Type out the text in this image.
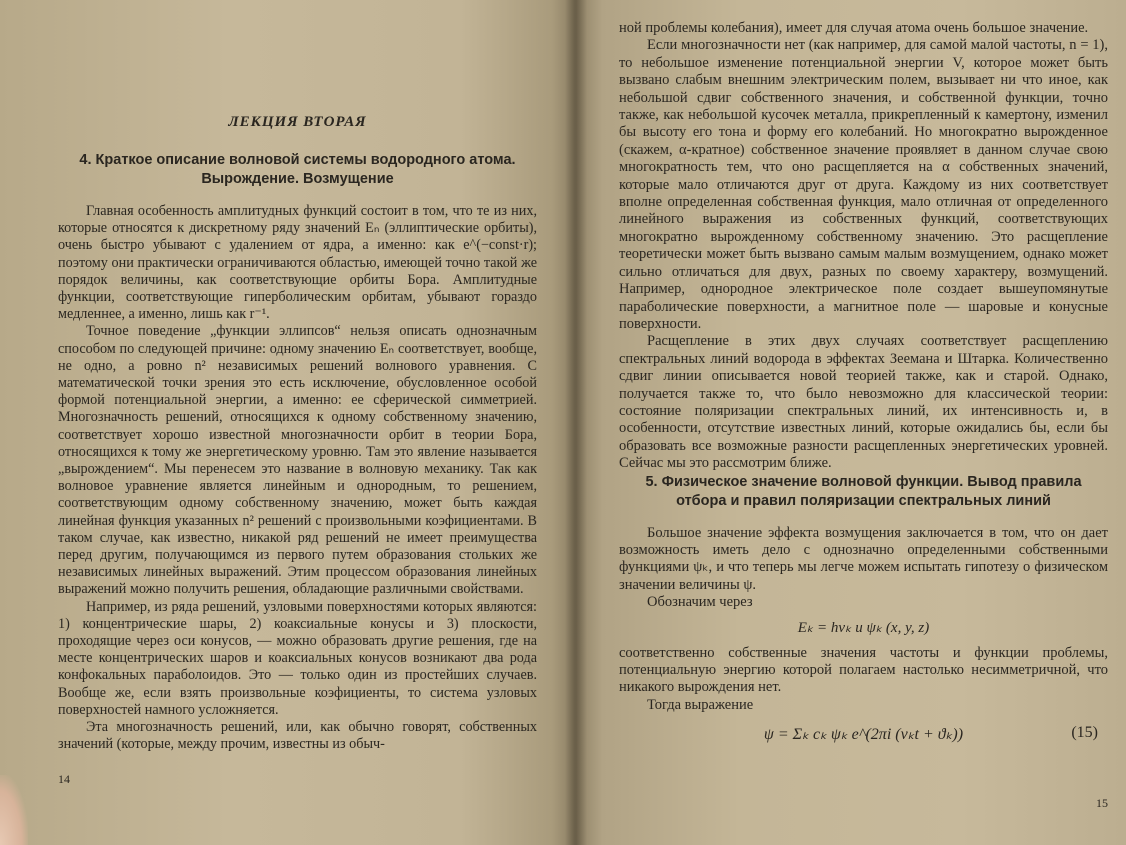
ЛЕКЦИЯ ВТОРАЯ
4. Краткое описание волновой системы водородного атома. Вырождение. Возмущение

Главная особенность амплитудных функций состоит в том, что те из них, которые относятся к дискретному ряду значений Eₙ (эллиптические орбиты), очень быстро убывают с удалением от ядра, а именно: как e^(−const·r); поэтому они практически ограничиваются областью, имеющей точно такой же порядок величины, как соответствующие орбиты Бора. Амплитудные функции, соответствующие гиперболическим орбитам, убывают гораздо медленнее, а именно, лишь как r⁻¹.

Точное поведение „функции эллипсов“ нельзя описать однозначным способом по следующей причине: одному значению Eₙ соответствует, вообще, не одно, а ровно n² независимых решений волнового уравнения. С математической точки зрения это есть исключение, обусловленное особой формой потенциальной энергии, а именно: ее сферической симметрией. Многозначность решений, относящихся к одному собственному значению, соответствует хорошо известной многозначности орбит в теории Бора, относящихся к тому же энергетическому уровню. Там это явление называется „вырождением“. Мы перенесем это название в волновую механику. Так как волновое уравнение является линейным и однородным, то решением, соответствующим одному собственному значению, может быть каждая линейная функция указанных n² решений с произвольными коэфициентами. В таком случае, как известно, никакой ряд решений не имеет преимущества перед другим, получающимся из первого путем образования стольких же независимых линейных выражений. Этим процессом образования линейных выражений можно получить решения, обладающие различными свойствами.

Например, из ряда решений, узловыми поверхностями которых являются: 1) концентрические шары, 2) коаксиальные конусы и 3) плоскости, проходящие через оси конусов, — можно образовать другие решения, где на месте концентрических шаров и коаксиальных конусов возникают два рода конфокальных параболоидов. Это — только один из простейших случаев. Вообще же, если взять произвольные коэфициенты, то система узловых поверхностей намного усложняется.

Эта многозначность решений, или, как обычно говорят, собственных значений (которые, между прочим, известны из обыч-

14

ной проблемы колебания), имеет для случая атома очень большое значение.

Если многозначности нет (как например, для самой малой частоты, n = 1), то небольшое изменение потенциальной энергии V, которое может быть вызвано слабым внешним электрическим полем, вызывает ни что иное, как небольшой сдвиг собственного значения, и собственной функции, точно также, как небольшой кусочек металла, прикрепленный к камертону, изменил бы высоту его тона и форму его колебаний. Но многократно вырожденное (скажем, α-кратное) собственное значение проявляет в данном случае свою многократность тем, что оно расщепляется на α собственных значений, которые мало отличаются друг от друга. Каждому из них соответствует вполне определенная собственная функция, мало отличная от определенного линейного выражения из собственных функций, соответствующих многократно вырожденному собственному значению. Это расщепление теоретически может быть вызвано самым малым возмущением, однако может сильно отличаться для двух, разных по своему характеру, возмущений. Например, однородное электрическое поле создает вышеупомянутые параболические поверхности, а магнитное поле — шаровые и конусные поверхности.

Расщепление в этих двух случаях соответствует расщеплению спектральных линий водорода в эффектах Зеемана и Штарка. Количественно сдвиг линии описывается новой теорией также, как и старой. Однако, получается также то, что было невозможно для классической теории: состояние поляризации спектральных линий, их интенсивность и, в особенности, отсутствие известных линий, которые ожидались бы, если бы образовать все возможные разности расщепленных энергетических уровней. Сейчас мы это рассмотрим ближе.

5. Физическое значение волновой функции. Вывод правила отбора и правил поляризации спектральных линий

Большое значение эффекта возмущения заключается в том, что он дает возможность иметь дело с однозначно определенными собственными функциями ψₖ, и что теперь мы легче можем испытать гипотезу о физическом значении величины ψ.

Обозначим через

Eₖ = hνₖ и ψₖ (x, y, z)

соответственно собственные значения частоты и функции проблемы, потенциальную энергию которой полагаем настолько несимметричной, что никакого вырождения нет.

Тогда выражение

ψ = Σₖ cₖ ψₖ e^(2πi (νₖt + ϑₖ))	(15)
15
